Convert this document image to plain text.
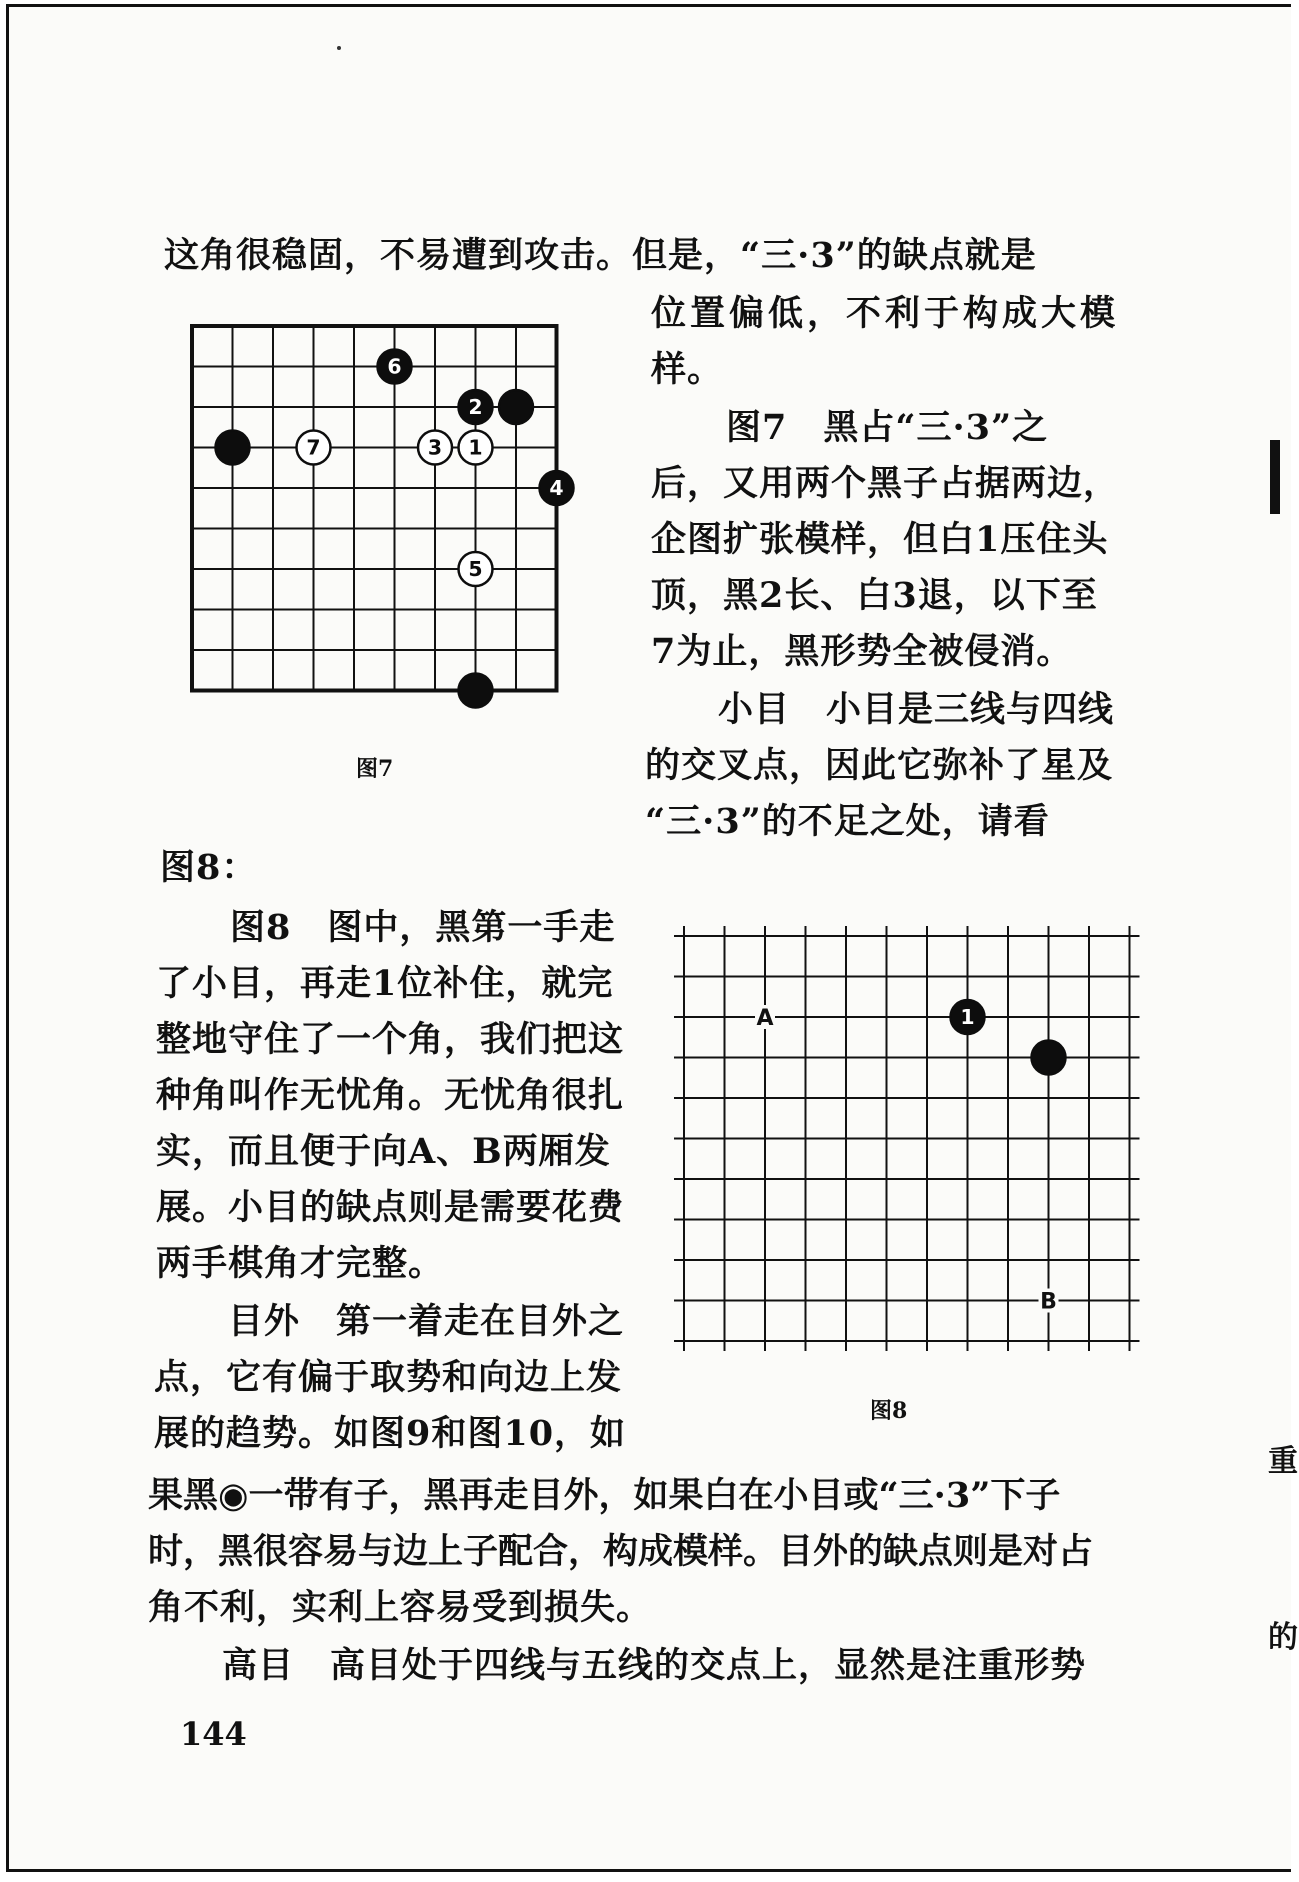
这角很稳固，不易遭到攻击。但是，“三·3”的缺点就是
位置偏低，不利于构成大模
样。
图7　黑占“三·3”之
后，又用两个黑子占据两边，
企图扩张模样，但白1压住头
顶，黑2长、白3退，以下至
7为止，黑形势全被侵消。
小目　小目是三线与四线
的交叉点，因此它弥补了星及
“三·3”的不足之处，请看
图8：
图8　图中，黑第一手走
了小目，再走1位补住，就完
整地守住了一个角，我们把这
种角叫作无忧角。无忧角很扎
实，而且便于向A、B两厢发
展。小目的缺点则是需要花费
两手棋角才完整。
目外　第一着走在目外之
点，它有偏于取势和向边上发
展的趋势。如图9和图10，如
果黑◉一带有子，黑再走目外，如果白在小目或“三·3”下子
时，黑很容易与边上子配合，构成模样。目外的缺点则是对占
角不利，实利上容易受到损失。
高目　高目处于四线与五线的交点上，显然是注重形势
6
2
7	3 1
4
5
图7
1
A
B
图8
144
重
的
